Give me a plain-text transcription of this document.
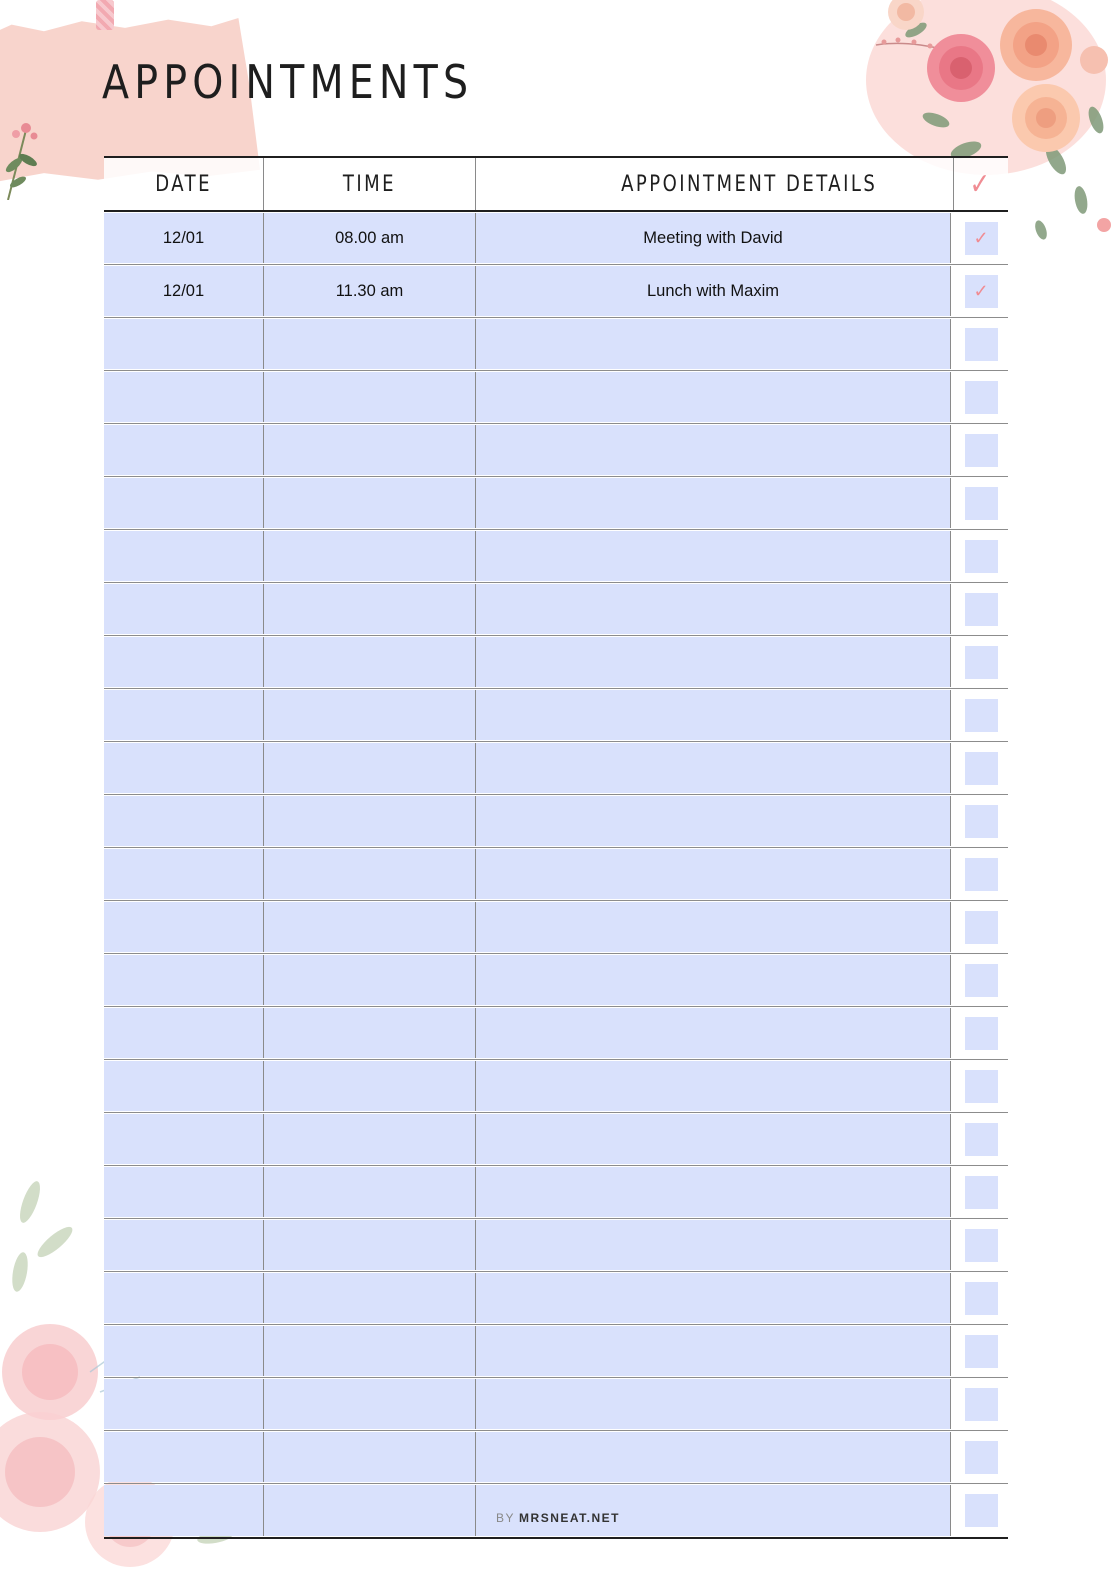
APPOINTMENTS
DATE	TIME	APPOINTMENT DETAILS	✓
12/01	08.00 am	Meeting with David	✓
12/01	11.30 am	Lunch with Maxim	✓
BY MRSNEAT.NET
